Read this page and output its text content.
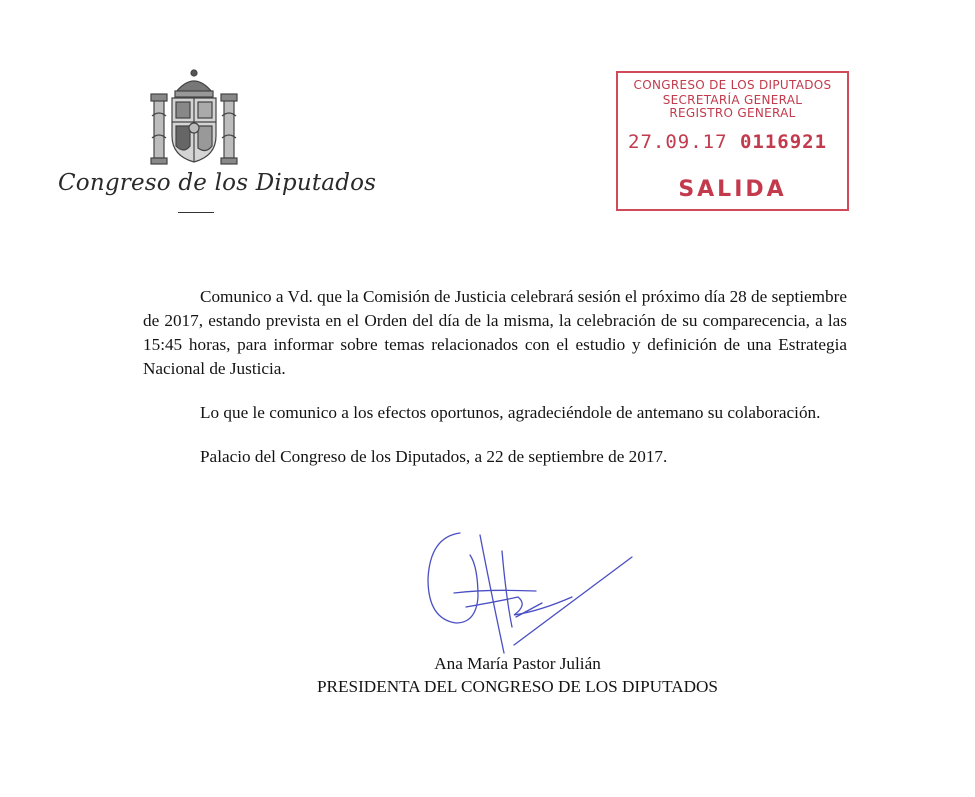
Congreso de los Diputados
CONGRESO DE LOS DIPUTADOS
SECRETARÍA GENERAL
REGISTRO GENERAL
27.09.17 0116921
SALIDA

Comunico a Vd. que la Comisión de Justicia celebrará sesión el próximo día 28 de septiembre de 2017, estando prevista en el Orden del día de la misma, la celebración de su comparecencia, a las 15:45 horas, para informar sobre temas relacionados con el estudio y definición de una Estrategia Nacional de Justicia.

Lo que le comunico a los efectos oportunos, agradeciéndole de antemano su colaboración.

Palacio del Congreso de los Diputados, a 22 de septiembre de 2017.

Ana María Pastor Julián

PRESIDENTA DEL CONGRESO DE LOS DIPUTADOS
